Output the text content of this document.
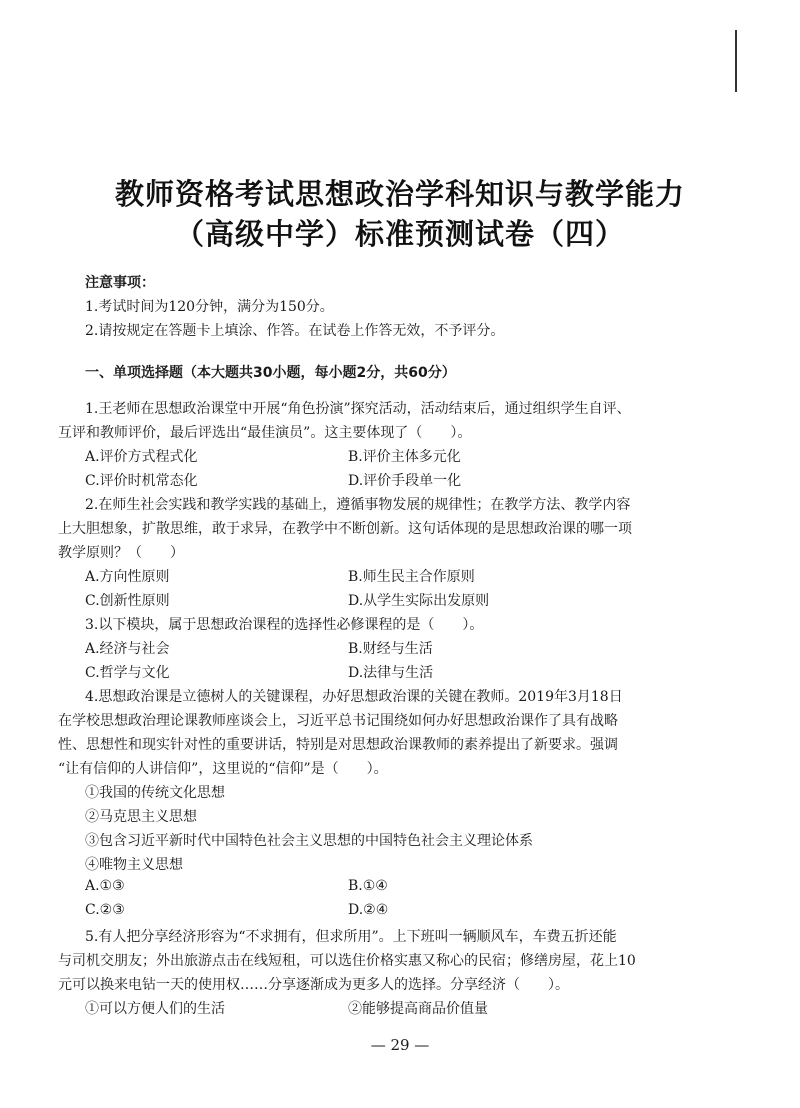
教师资格考试思想政治学科知识与教学能力
（高级中学）标准预测试卷（四）
注意事项：
1.考试时间为120分钟，满分为150分。
2.请按规定在答题卡上填涂、作答。在试卷上作答无效，不予评分。
一、单项选择题（本大题共30小题，每小题2分，共60分）
1.王老师在思想政治课堂中开展“角色扮演”探究活动，活动结束后，通过组织学生自评、
互评和教师评价，最后评选出“最佳演员”。这主要体现了（　　）。
A.评价方式程式化	B.评价主体多元化
C.评价时机常态化	D.评价手段单一化
2.在师生社会实践和教学实践的基础上，遵循事物发展的规律性；在教学方法、教学内容
上大胆想象，扩散思维，敢于求异，在教学中不断创新。这句话体现的是思想政治课的哪一项
教学原则？（　　）
A.方向性原则	B.师生民主合作原则
C.创新性原则	D.从学生实际出发原则
3.以下模块，属于思想政治课程的选择性必修课程的是（　　）。
A.经济与社会	B.财经与生活
C.哲学与文化	D.法律与生活
4.思想政治课是立德树人的关键课程，办好思想政治课的关键在教师。2019年3月18日
在学校思想政治理论课教师座谈会上，习近平总书记围绕如何办好思想政治课作了具有战略
性、思想性和现实针对性的重要讲话，特别是对思想政治课教师的素养提出了新要求。强调
“让有信仰的人讲信仰”，这里说的“信仰”是（　　）。
①我国的传统文化思想
②马克思主义思想
③包含习近平新时代中国特色社会主义思想的中国特色社会主义理论体系
④唯物主义思想
A.①③	B.①④
C.②③	D.②④
5.有人把分享经济形容为“不求拥有，但求所用”。上下班叫一辆顺风车，车费五折还能
与司机交朋友；外出旅游点击在线短租，可以选住价格实惠又称心的民宿；修缮房屋，花上10
元可以换来电钻一天的使用权……分享逐渐成为更多人的选择。分享经济（　　）。
①可以方便人们的生活	②能够提高商品价值量
— 29 —
